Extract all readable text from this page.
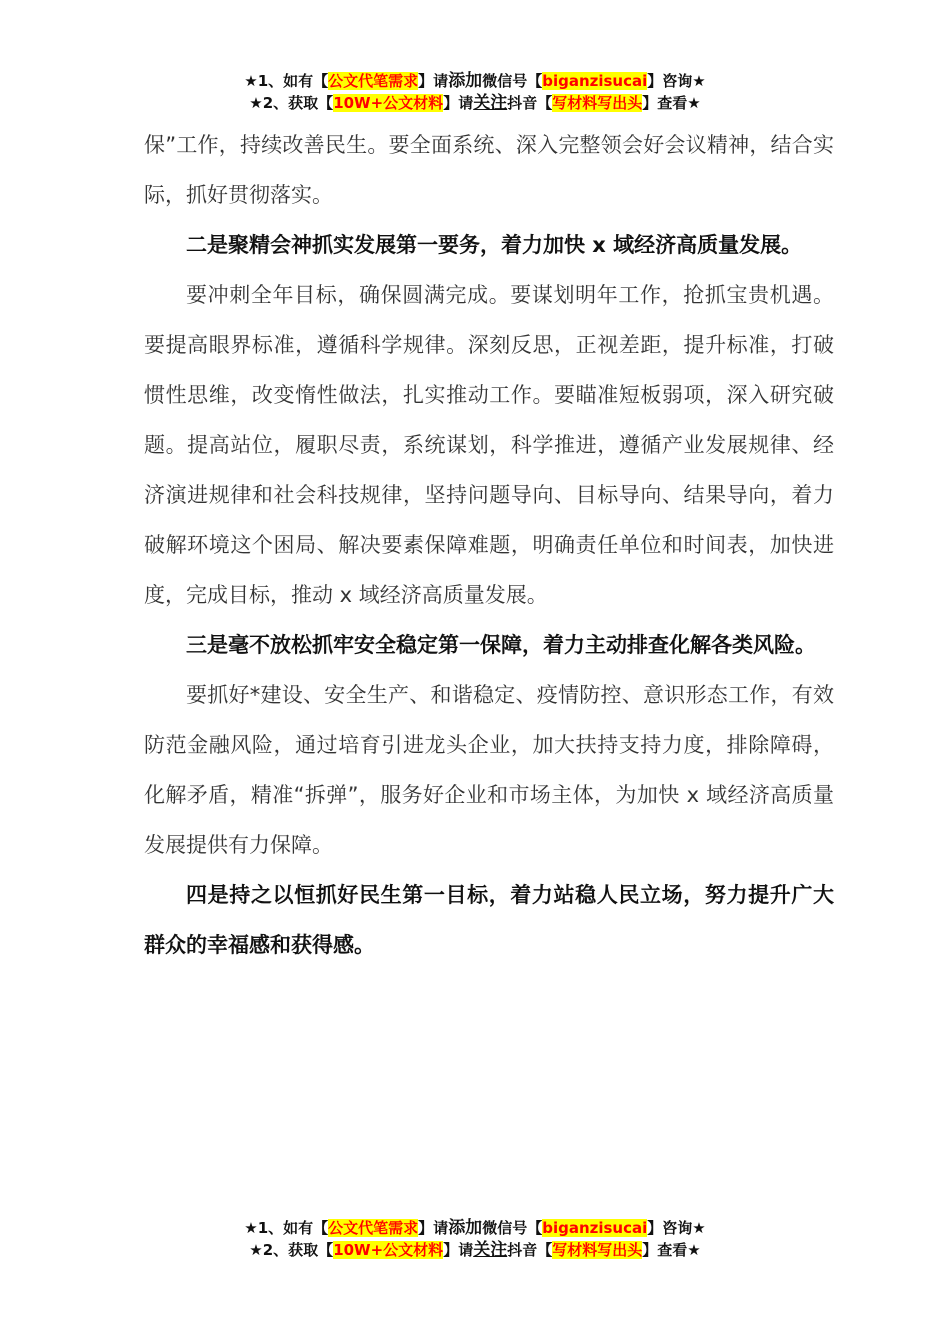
★1、如有【公文代笔需求】请添加微信号【biganzisucai】咨询★
★2、获取【10W+公文材料】请关注抖音【写材料写出头】查看★

保”工作，持续改善民生。要全面系统、深入完整领会好会议精神，结合实际，抓好贯彻落实。

二是聚精会神抓实发展第一要务，着力加快 x 域经济高质量发展。

要冲刺全年目标，确保圆满完成。要谋划明年工作，抢抓宝贵机遇。要提高眼界标准，遵循科学规律。深刻反思，正视差距，提升标准，打破惯性思维，改变惰性做法，扎实推动工作。要瞄准短板弱项，深入研究破题。提高站位，履职尽责，系统谋划，科学推进，遵循产业发展规律、经济演进规律和社会科技规律，坚持问题导向、目标导向、结果导向，着力破解环境这个困局、解决要素保障难题，明确责任单位和时间表，加快进度，完成目标，推动 x 域经济高质量发展。

三是毫不放松抓牢安全稳定第一保障，着力主动排查化解各类风险。

要抓好*建设、安全生产、和谐稳定、疫情防控、意识形态工作，有效防范金融风险，通过培育引进龙头企业，加大扶持支持力度，排除障碍，化解矛盾，精准“拆弹”，服务好企业和市场主体，为加快 x 域经济高质量发展提供有力保障。

四是持之以恒抓好民生第一目标，着力站稳人民立场，努力提升广大群众的幸福感和获得感。

★1、如有【公文代笔需求】请添加微信号【biganzisucai】咨询★
★2、获取【10W+公文材料】请关注抖音【写材料写出头】查看★
